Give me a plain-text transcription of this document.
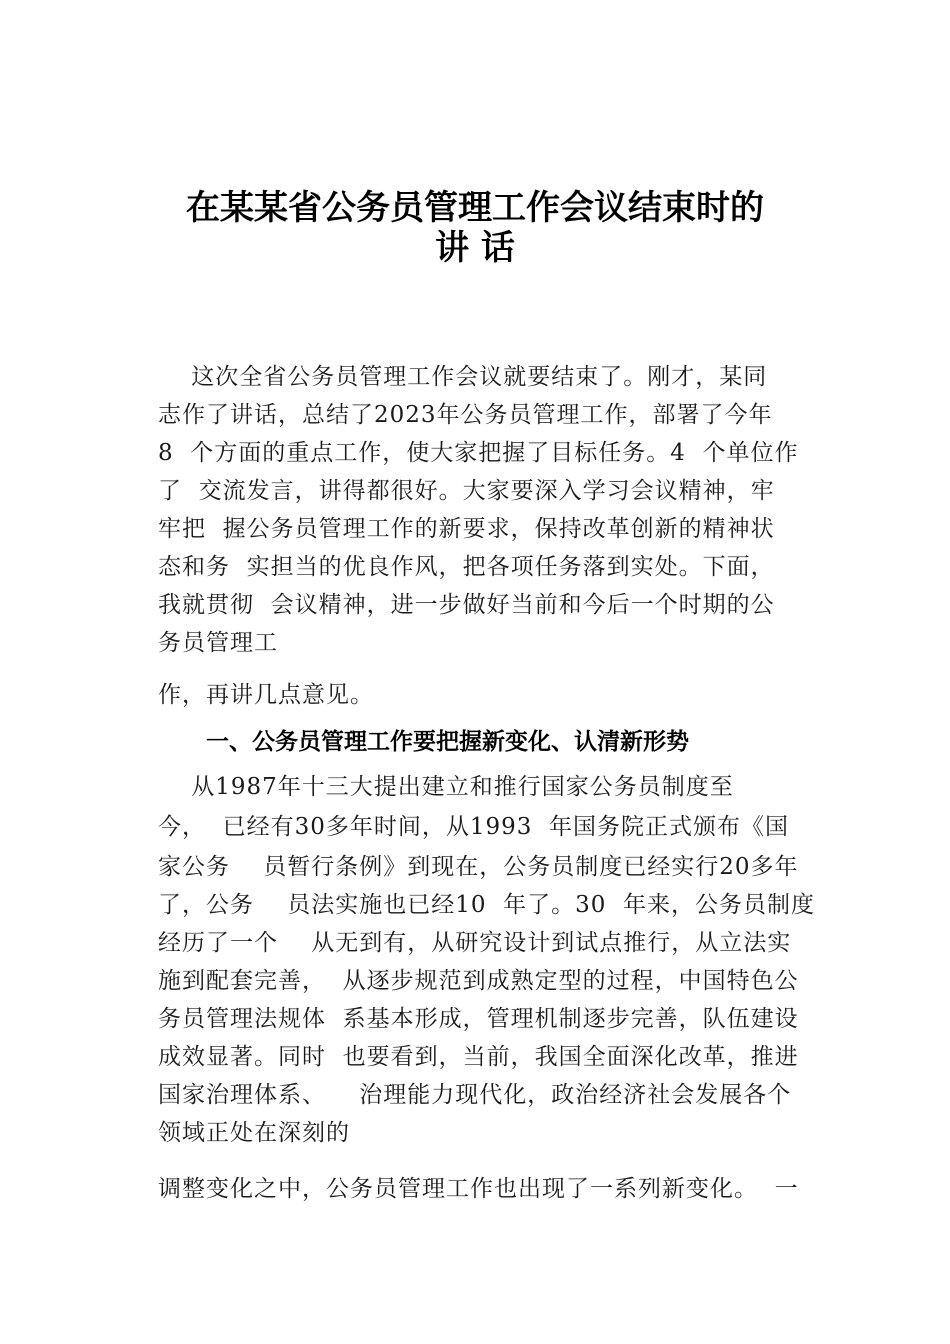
在某某省公务员管理工作会议结束时的
讲 话
这次全省公务员管理工作会议就要结束了。刚才，某同
志作了讲话，总结了2023年公务员管理工作，部署了今年
8  个方面的重点工作，使大家把握了目标任务。4  个单位作
了  交流发言，讲得都很好。大家要深入学习会议精神，牢
牢把  握公务员管理工作的新要求，保持改革创新的精神状
态和务  实担当的优良作风，把各项任务落到实处。下面，
我就贯彻  会议精神，进一步做好当前和今后一个时期的公
务员管理工
作，再讲几点意见。
一、公务员管理工作要把握新变化、认清新形势
从1987年十三大提出建立和推行国家公务员制度至
今，  已经有30多年时间，从1993  年国务院正式颁布《国
家公务    员暂行条例》到现在，公务员制度已经实行20多年
了，公务    员法实施也已经10  年了。30  年来，公务员制度
经历了一个    从无到有，从研究设计到试点推行，从立法实
施到配套完善，  从逐步规范到成熟定型的过程，中国特色公
务员管理法规体  系基本形成，管理机制逐步完善，队伍建设
成效显著。同时  也要看到，当前，我国全面深化改革，推进
国家治理体系、    治理能力现代化，政治经济社会发展各个
领域正处在深刻的
调整变化之中，公务员管理工作也出现了一系列新变化。  一
